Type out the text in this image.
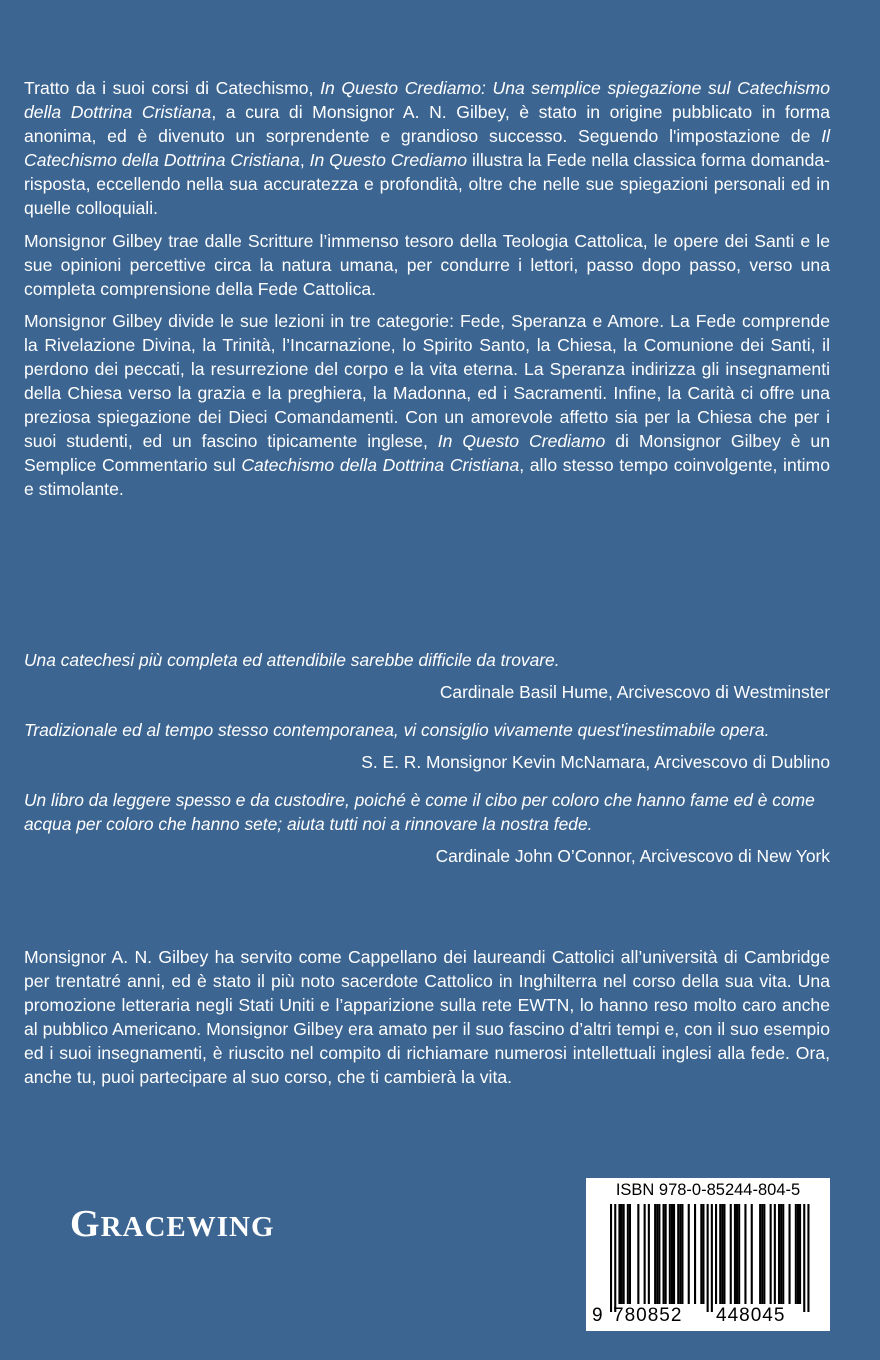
Tratto da i suoi corsi di Catechismo, In Questo Crediamo: Una semplice spiegazione sul Catechismo della Dottrina Cristiana, a cura di Monsignor A. N. Gilbey, è stato in origine pubblicato in forma anonima, ed è divenuto un sorprendente e grandioso successo. Seguendo l'impostazione de Il Catechismo della Dottrina Cristiana, In Questo Crediamo illustra la Fede nella classica forma domanda-risposta, eccellendo nella sua accuratezza e profondità, oltre che nelle sue spiegazioni personali ed in quelle colloquiali.

Monsignor Gilbey trae dalle Scritture l’immenso tesoro della Teologia Cattolica, le opere dei Santi e le sue opinioni percettive circa la natura umana, per condurre i lettori, passo dopo passo, verso una completa comprensione della Fede Cattolica.

Monsignor Gilbey divide le sue lezioni in tre categorie: Fede, Speranza e Amore. La Fede comprende la Rivelazione Divina, la Trinità, l’Incarnazione, lo Spirito Santo, la Chiesa, la Comunione dei Santi, il perdono dei peccati, la resurrezione del corpo e la vita eterna. La Speranza indirizza gli insegnamenti della Chiesa verso la grazia e la preghiera, la Madonna, ed i Sacramenti. Infine, la Carità ci offre una preziosa spiegazione dei Dieci Comandamenti. Con un amorevole affetto sia per la Chiesa che per i suoi studenti, ed un fascino tipicamente inglese, In Questo Crediamo di Monsignor Gilbey è un Semplice Commentario sul Catechismo della Dottrina Cristiana, allo stesso tempo coinvolgente, intimo e stimolante.

Una catechesi più completa ed attendibile sarebbe difficile da trovare.

Cardinale Basil Hume, Arcivescovo di Westminster

Tradizionale ed al tempo stesso contemporanea, vi consiglio vivamente quest'inestimabile opera.

S. E. R. Monsignor Kevin McNamara, Arcivescovo di Dublino

Un libro da leggere spesso e da custodire, poiché è come il cibo per coloro che hanno fame ed è come acqua per coloro che hanno sete; aiuta tutti noi a rinnovare la nostra fede.

Cardinale John O’Connor, Arcivescovo di New York

Monsignor A. N. Gilbey ha servito come Cappellano dei laureandi Cattolici all’università di Cambridge per trentatré anni, ed è stato il più noto sacerdote Cattolico in Inghilterra nel corso della sua vita. Una promozione letteraria negli Stati Uniti e l’apparizione sulla rete EWTN, lo hanno reso molto caro anche al pubblico Americano. Monsignor Gilbey era amato per il suo fascino d’altri tempi e, con il suo esempio ed i suoi insegnamenti, è riuscito nel compito di richiamare numerosi intellettuali inglesi alla fede. Ora, anche tu, puoi partecipare al suo corso, che ti cambierà la vita.

GRACEWING
ISBN 978-0-85244-804-5
9 780852 448045
